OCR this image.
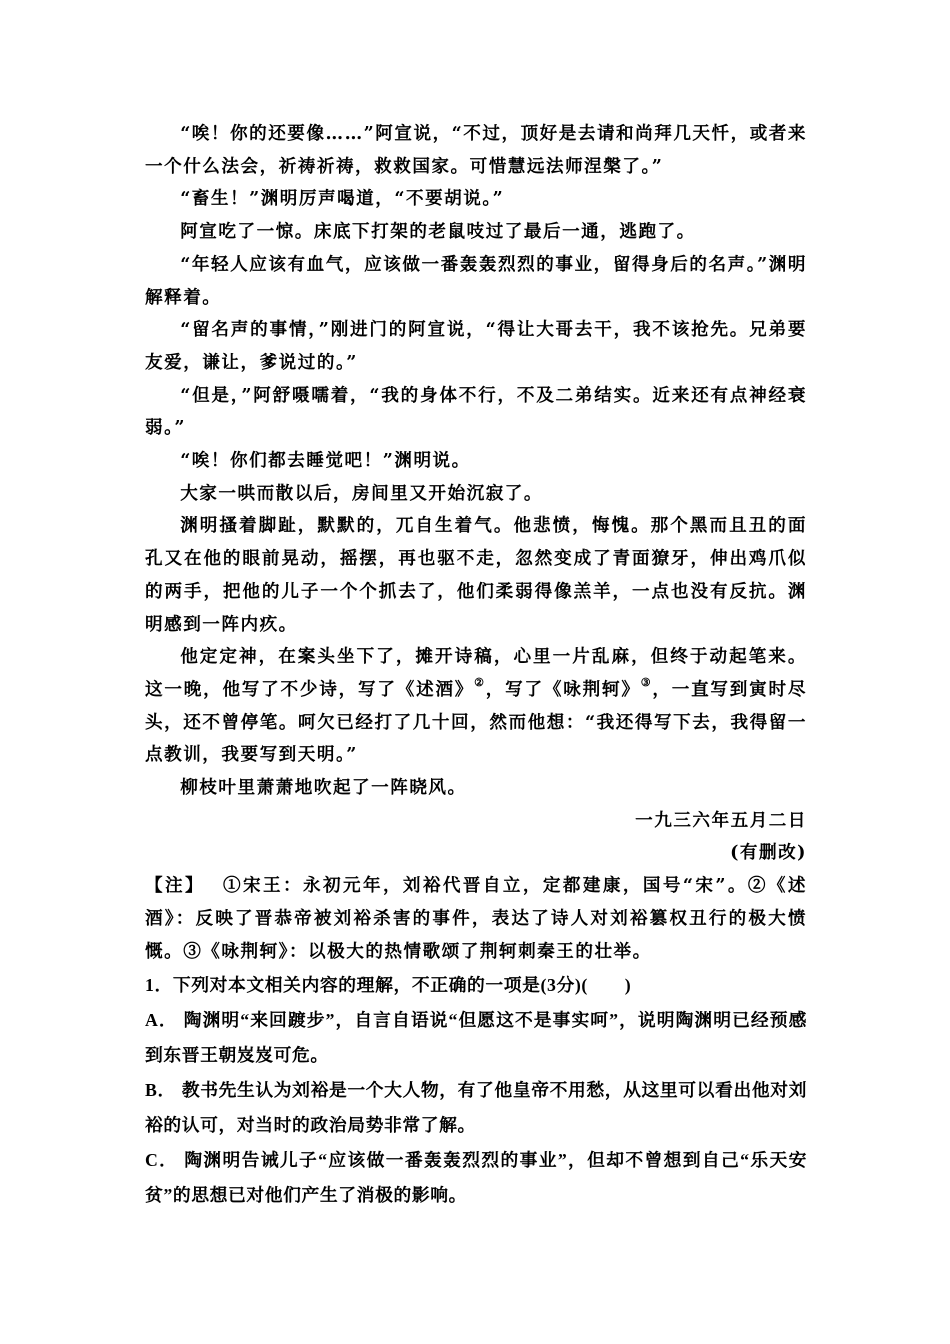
“唉！你的还要像……”阿宣说，“不过，顶好是去请和尚拜几天忏，或者来一个什么法会，祈祷祈祷，救救国家。可惜慧远法师涅槃了。”

“畜生！”渊明厉声喝道，“不要胡说。”

阿宣吃了一惊。床底下打架的老鼠吱过了最后一通，逃跑了。

“年轻人应该有血气，应该做一番轰轰烈烈的事业，留得身后的名声。”渊明解释着。

“留名声的事情，”刚进门的阿宣说，“得让大哥去干，我不该抢先。兄弟要友爱，谦让，爹说过的。”

“但是，”阿舒嗫嚅着，“我的身体不行，不及二弟结实。近来还有点神经衰弱。”

“唉！你们都去睡觉吧！”渊明说。

大家一哄而散以后，房间里又开始沉寂了。

渊明搔着脚趾，默默的，兀自生着气。他悲愤，悔愧。那个黑而且丑的面孔又在他的眼前晃动，摇摆，再也驱不走，忽然变成了青面獠牙，伸出鸡爪似的两手，把他的儿子一个个抓去了，他们柔弱得像羔羊，一点也没有反抗。渊明感到一阵内疚。

他定定神，在案头坐下了，摊开诗稿，心里一片乱麻，但终于动起笔来。这一晚，他写了不少诗，写了《述酒》②，写了《咏荆轲》③，一直写到寅时尽头，还不曾停笔。呵欠已经打了几十回，然而他想：“我还得写下去，我得留一点教训，我要写到天明。”

柳枝叶里萧萧地吹起了一阵晓风。

一九三六年五月二日

(有删改)

【注】 ①宋王：永初元年，刘裕代晋自立，定都建康，国号“宋”。②《述酒》：反映了晋恭帝被刘裕杀害的事件，表达了诗人对刘裕篡权丑行的极大愤慨。③《咏荆轲》：以极大的热情歌颂了荆轲刺秦王的壮举。

1．下列对本文相关内容的理解，不正确的一项是(3分)(　　)

A． 陶渊明“来回踱步”，自言自语说“但愿这不是事实呵”，说明陶渊明已经预感到东晋王朝岌岌可危。

B． 教书先生认为刘裕是一个大人物，有了他皇帝不用愁，从这里可以看出他对刘裕的认可，对当时的政治局势非常了解。

C． 陶渊明告诫儿子“应该做一番轰轰烈烈的事业”，但却不曾想到自己“乐天安贫”的思想已对他们产生了消极的影响。
